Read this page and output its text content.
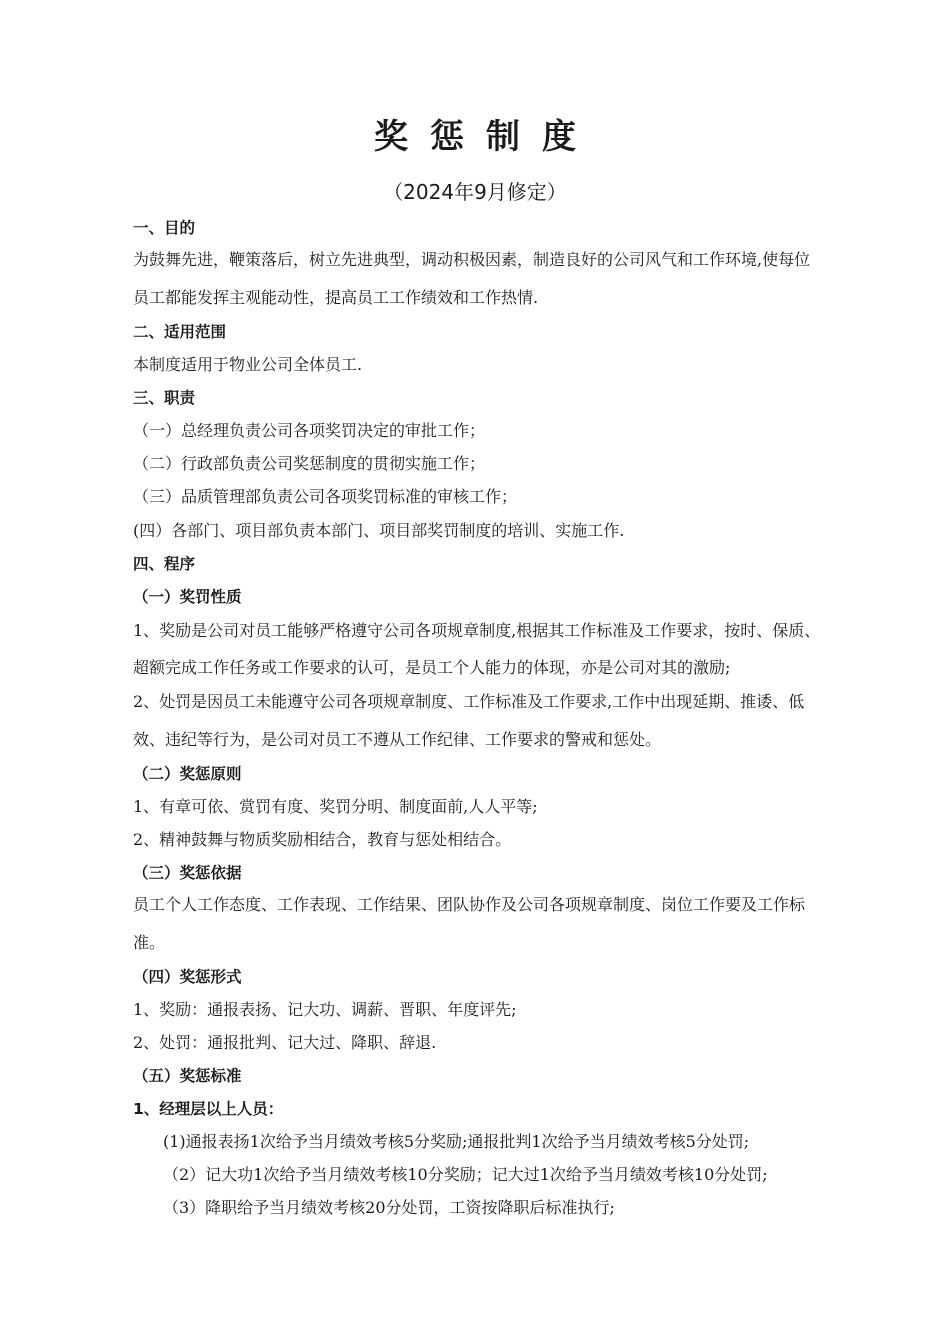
奖惩制度
（2024年9月修定）
一、目的
为鼓舞先进，鞭策落后，树立先进典型，调动积极因素，制造良好的公司风气和工作环境,使每位
员工都能发挥主观能动性，提高员工工作绩效和工作热情.
二、适用范围
本制度适用于物业公司全体员工.
三、职责
（一）总经理负责公司各项奖罚决定的审批工作；
（二）行政部负责公司奖惩制度的贯彻实施工作；
（三）品质管理部负责公司各项奖罚标准的审核工作；
(四）各部门、项目部负责本部门、项目部奖罚制度的培训、实施工作.
四、程序
（一）奖罚性质
1、奖励是公司对员工能够严格遵守公司各项规章制度,根据其工作标准及工作要求，按时、保质、
超额完成工作任务或工作要求的认可，是员工个人能力的体现，亦是公司对其的激励;
2、处罚是因员工未能遵守公司各项规章制度、工作标准及工作要求,工作中出现延期、推诿、低
效、违纪等行为，是公司对员工不遵从工作纪律、工作要求的警戒和惩处。
（二）奖惩原则
1、有章可依、赏罚有度、奖罚分明、制度面前,人人平等;
2、精神鼓舞与物质奖励相结合，教育与惩处相结合。
（三）奖惩依据
员工个人工作态度、工作表现、工作结果、团队协作及公司各项规章制度、岗位工作要及工作标
准。
（四）奖惩形式
1、奖励：通报表扬、记大功、调薪、晋职、年度评先;
2、处罚：通报批判、记大过、降职、辞退.
（五）奖惩标准
1、经理层以上人员：
(1)通报表扬1次给予当月绩效考核5分奖励;通报批判1次给予当月绩效考核5分处罚;
（2）记大功1次给予当月绩效考核10分奖励；记大过1次给予当月绩效考核10分处罚;
（3）降职给予当月绩效考核20分处罚，工资按降职后标准执行;
